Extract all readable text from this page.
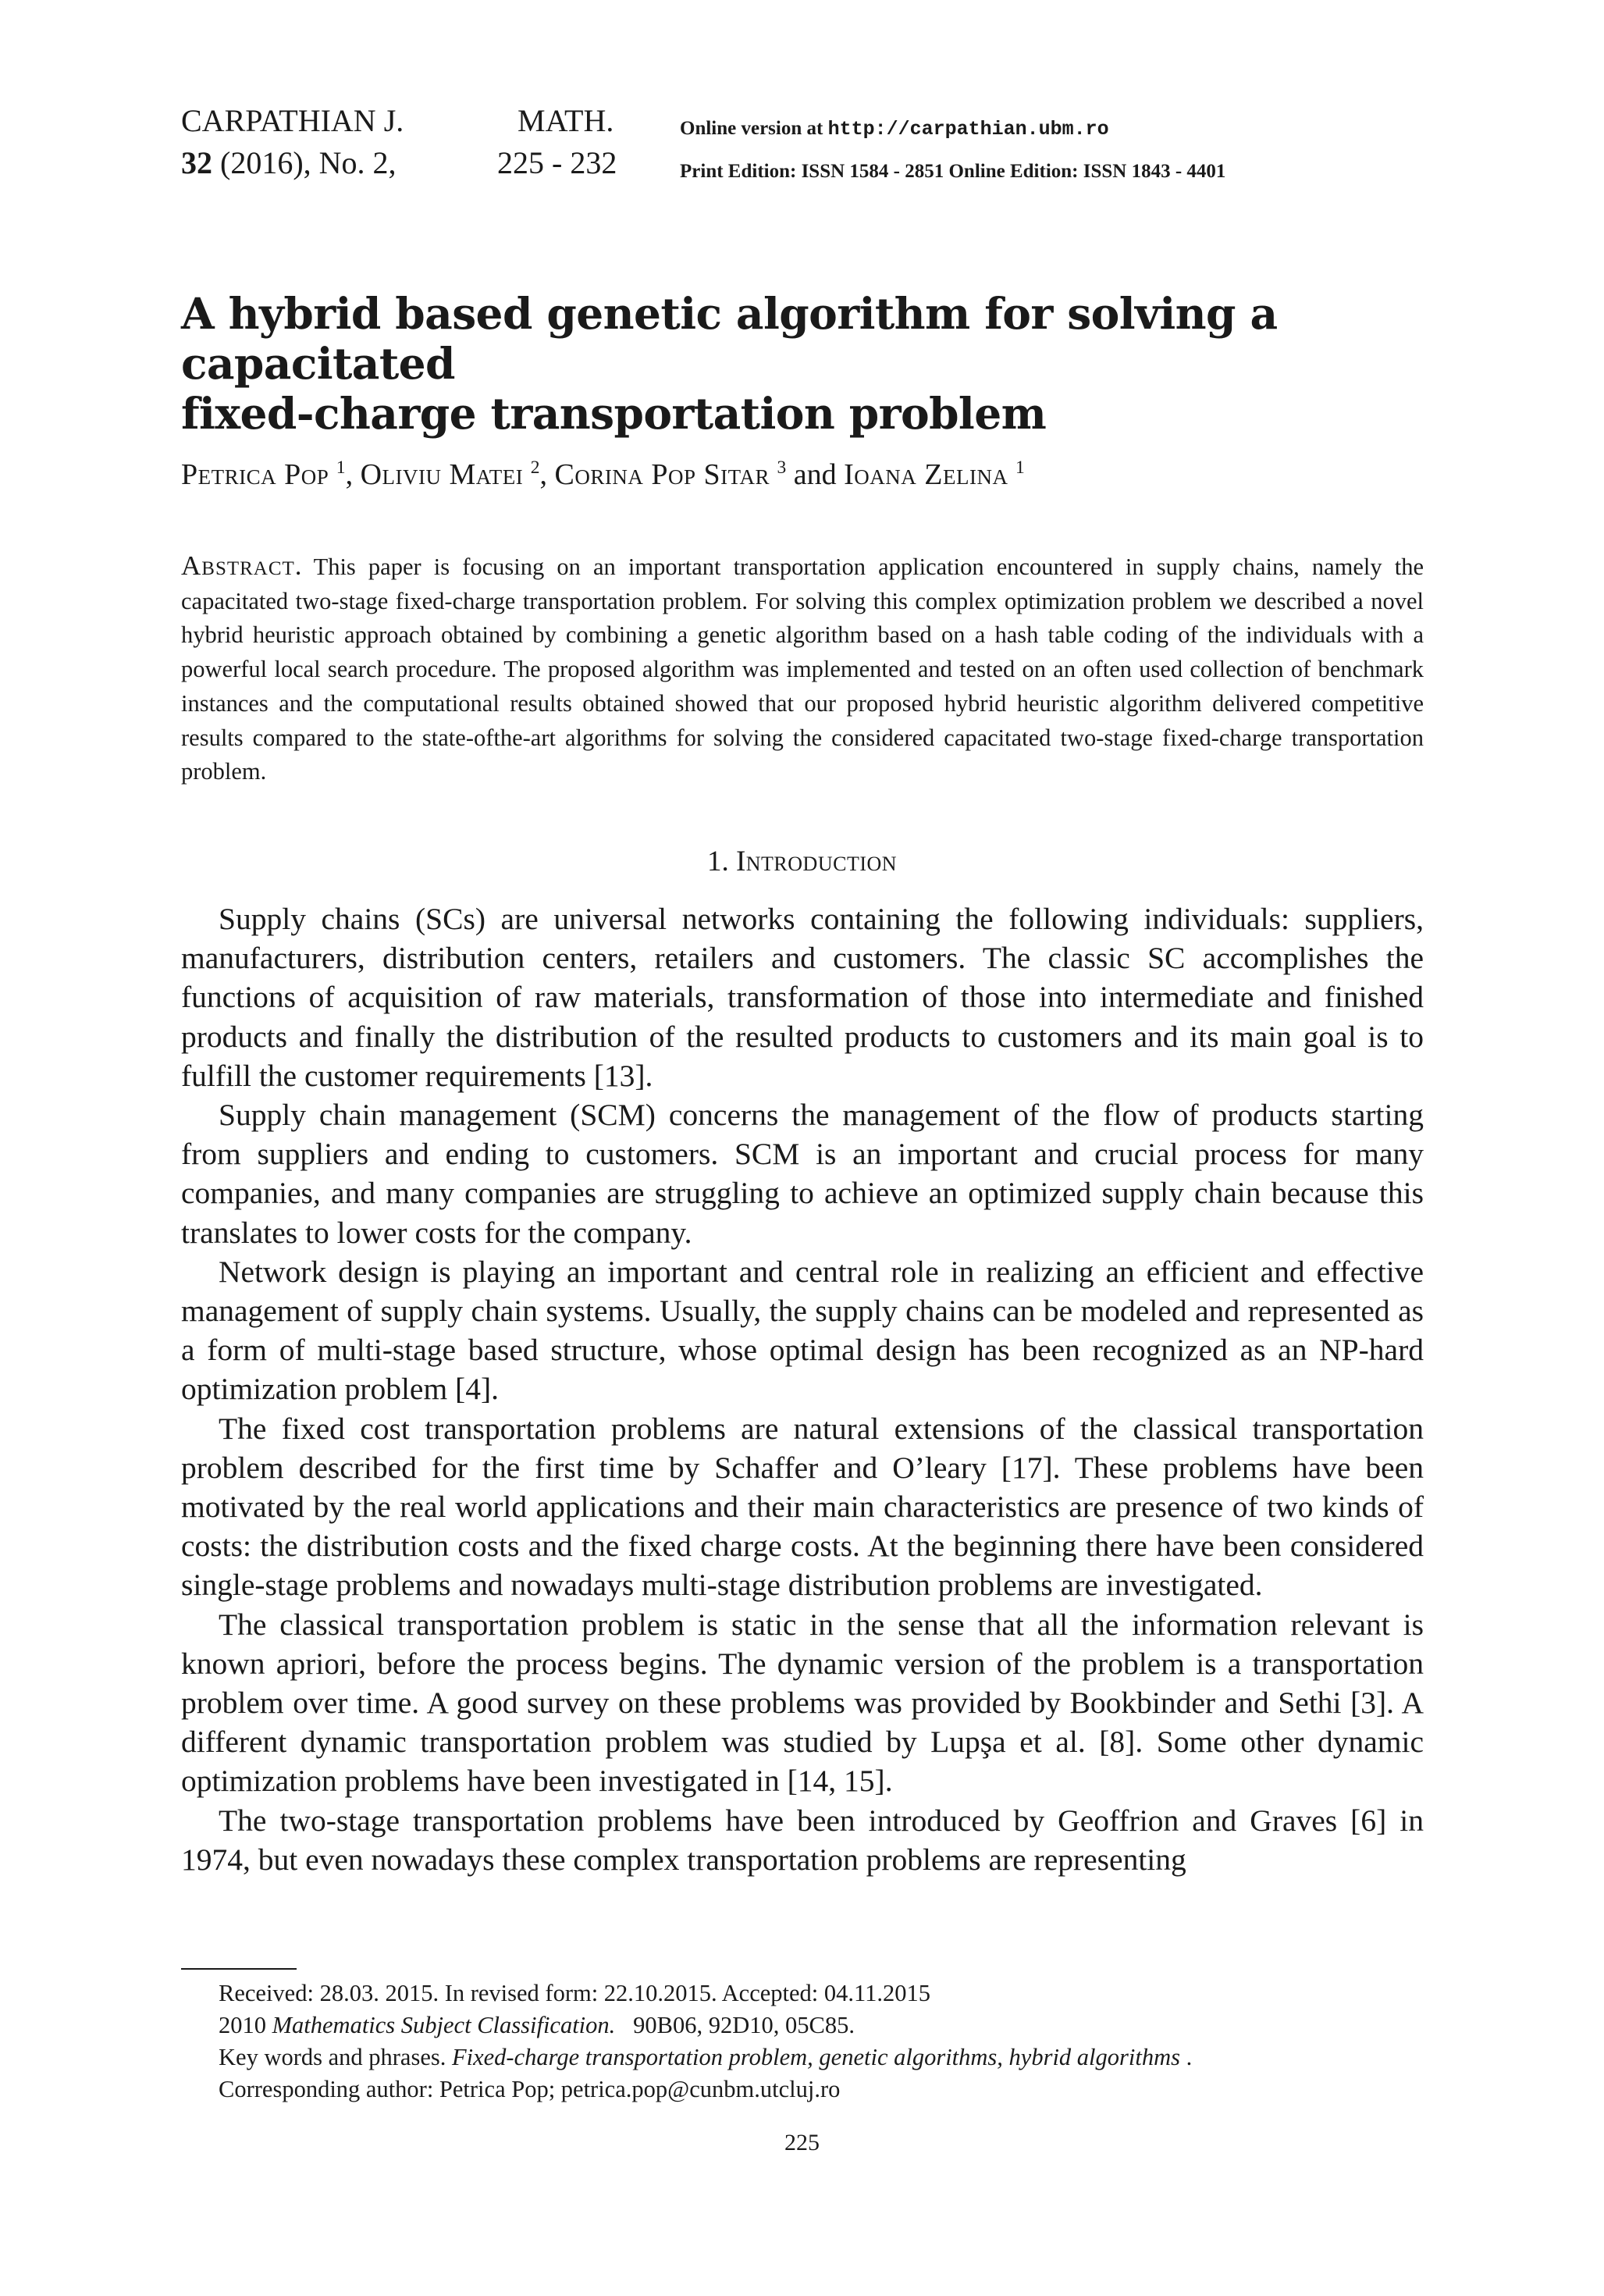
CARPATHIAN J.	MATH.
32 (2016), No. 2,	225 - 232
Online version at http://carpathian.ubm.ro
Print Edition: ISSN 1584 - 2851 Online Edition: ISSN 1843 - 4401
A hybrid based genetic algorithm for solving a capacitated
fixed-charge transportation problem
Petrica Pop $^1$, Oliviu Matei $^2$, Corina Pop Sitar $^3$ and Ioana Zelina $^1$
Abstract. This paper is focusing on an important transportation application encountered in supply chains, namely the capacitated two-stage fixed-charge transportation problem. For solving this complex optimization problem we described a novel hybrid heuristic approach obtained by combining a genetic algorithm based on a hash table coding of the individuals with a powerful local search procedure. The proposed algorithm was implemented and tested on an often used collection of benchmark instances and the computational results obtained showed that our proposed hybrid heuristic algorithm delivered competitive results compared to the state-ofthe-art algorithms for solving the considered capacitated two-stage fixed-charge transportation problem.
1. Introduction

Supply chains (SCs) are universal networks containing the following individuals: suppliers, manufacturers, distribution centers, retailers and customers. The classic SC accomplishes the functions of acquisition of raw materials, transformation of those into intermediate and finished products and finally the distribution of the resulted products to customers and its main goal is to fulfill the customer requirements [13].

Supply chain management (SCM) concerns the management of the flow of products starting from suppliers and ending to customers. SCM is an important and crucial process for many companies, and many companies are struggling to achieve an optimized supply chain because this translates to lower costs for the company.

Network design is playing an important and central role in realizing an efficient and effective management of supply chain systems. Usually, the supply chains can be modeled and represented as a form of multi-stage based structure, whose optimal design has been recognized as an NP-hard optimization problem [4].

The fixed cost transportation problems are natural extensions of the classical transportation problem described for the first time by Schaffer and O’leary [17]. These problems have been motivated by the real world applications and their main characteristics are presence of two kinds of costs: the distribution costs and the fixed charge costs. At the beginning there have been considered single-stage problems and nowadays multi-stage distribution problems are investigated.

The classical transportation problem is static in the sense that all the information relevant is known apriori, before the process begins. The dynamic version of the problem is a transportation problem over time. A good survey on these problems was provided by Bookbinder and Sethi [3]. A different dynamic transportation problem was studied by Lupşa et al. [8]. Some other dynamic optimization problems have been investigated in [14, 15].

The two-stage transportation problems have been introduced by Geoffrion and Graves [6] in 1974, but even nowadays these complex transportation problems are representing

Received: 28.03. 2015. In revised form: 22.10.2015. Accepted: 04.11.2015
2010 Mathematics Subject Classification. 90B06, 92D10, 05C85.
Key words and phrases. Fixed-charge transportation problem, genetic algorithms, hybrid algorithms .
Corresponding author: Petrica Pop; petrica.pop@cunbm.utcluj.ro
225
